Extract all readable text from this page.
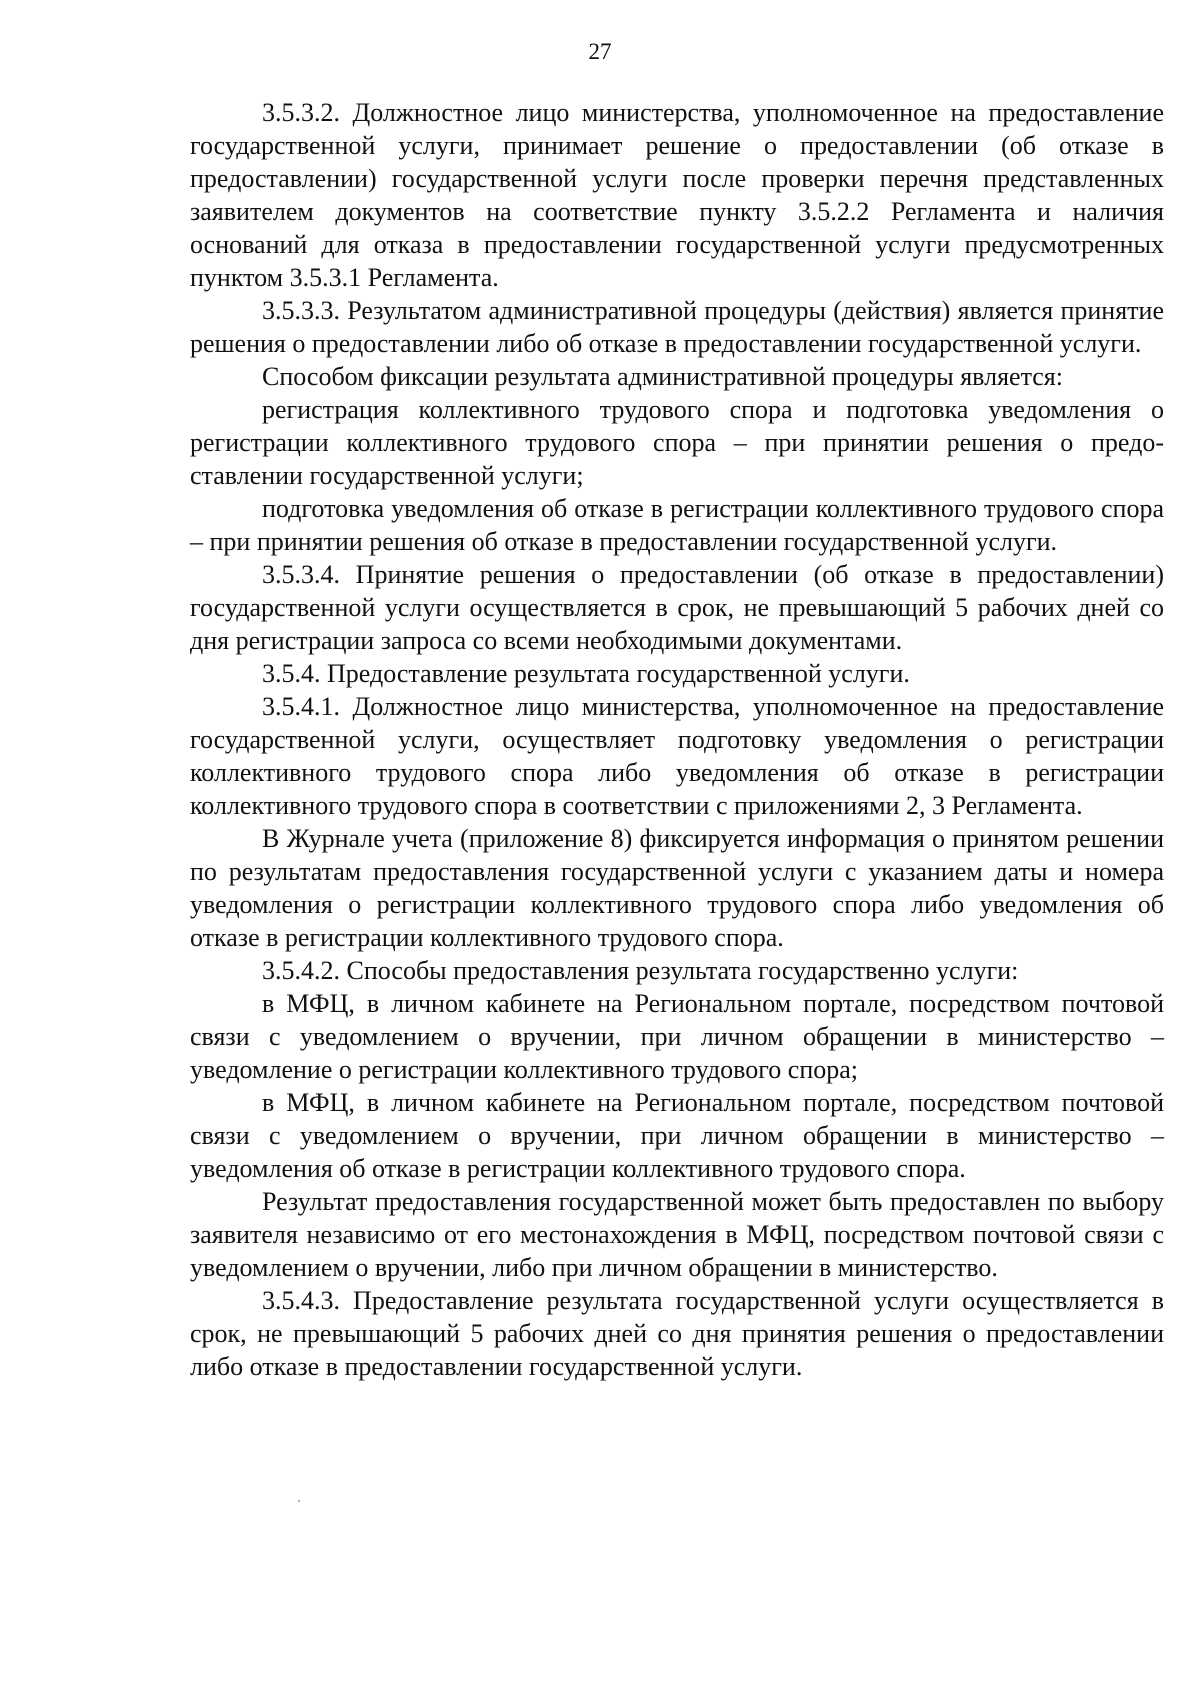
27

3.5.3.2. Должностное лицо министерства, уполномоченное на предоставление государственной услуги, принимает решение о предоставлении (об отказе в предоставлении) государственной услуги после проверки перечня представленных заявителем документов на соответствие пункту 3.5.2.2 Регламента и наличия оснований для отказа в предоставлении государственной услуги предусмотренных пунктом 3.5.3.1 Регламента.

3.5.3.3. Результатом административной процедуры (действия) является принятие решения о предоставлении либо об отказе в предоставлении государственной услуги.

Способом фиксации результата административной процедуры является:

регистрация коллективного трудового спора и подготовка уведомления о регистрации коллективного трудового спора – при принятии решения о предоставлении государственной услуги;

подготовка уведомления об отказе в регистрации коллективного трудового спора – при принятии решения об отказе в предоставлении государственной услуги.

3.5.3.4. Принятие решения о предоставлении (об отказе в предоставлении) государственной услуги осуществляется в срок, не превышающий 5 рабочих дней со дня регистрации запроса со всеми необходимыми документами.

3.5.4. Предоставление результата государственной услуги.

3.5.4.1. Должностное лицо министерства, уполномоченное на предоставление государственной услуги, осуществляет подготовку уведомления о регистрации коллективного трудового спора либо уведомления об отказе в регистрации коллективного трудового спора в соответствии с приложениями 2, 3 Регламента.

В Журнале учета (приложение 8) фиксируется информация о принятом решении по результатам предоставления государственной услуги с указанием даты и номера уведомления о регистрации коллективного трудового спора либо уведомления об отказе в регистрации коллективного трудового спора.

3.5.4.2. Способы предоставления результата государственно услуги:

в МФЦ, в личном кабинете на Региональном портале, посредством почтовой связи с уведомлением о вручении, при личном обращении в министерство – уведомление о регистрации коллективного трудового спора;

в МФЦ, в личном кабинете на Региональном портале, посредством почтовой связи с уведомлением о вручении, при личном обращении в министерство – уведомления об отказе в регистрации коллективного трудового спора.

Результат предоставления государственной может быть предоставлен по выбору заявителя независимо от его местонахождения в МФЦ, посредством почтовой связи с уведомлением о вручении, либо при личном обращении в министерство.

3.5.4.3. Предоставление результата государственной услуги осуществляется в срок, не превышающий 5 рабочих дней со дня принятия решения о предоставлении либо отказе в предоставлении государственной услуги.
